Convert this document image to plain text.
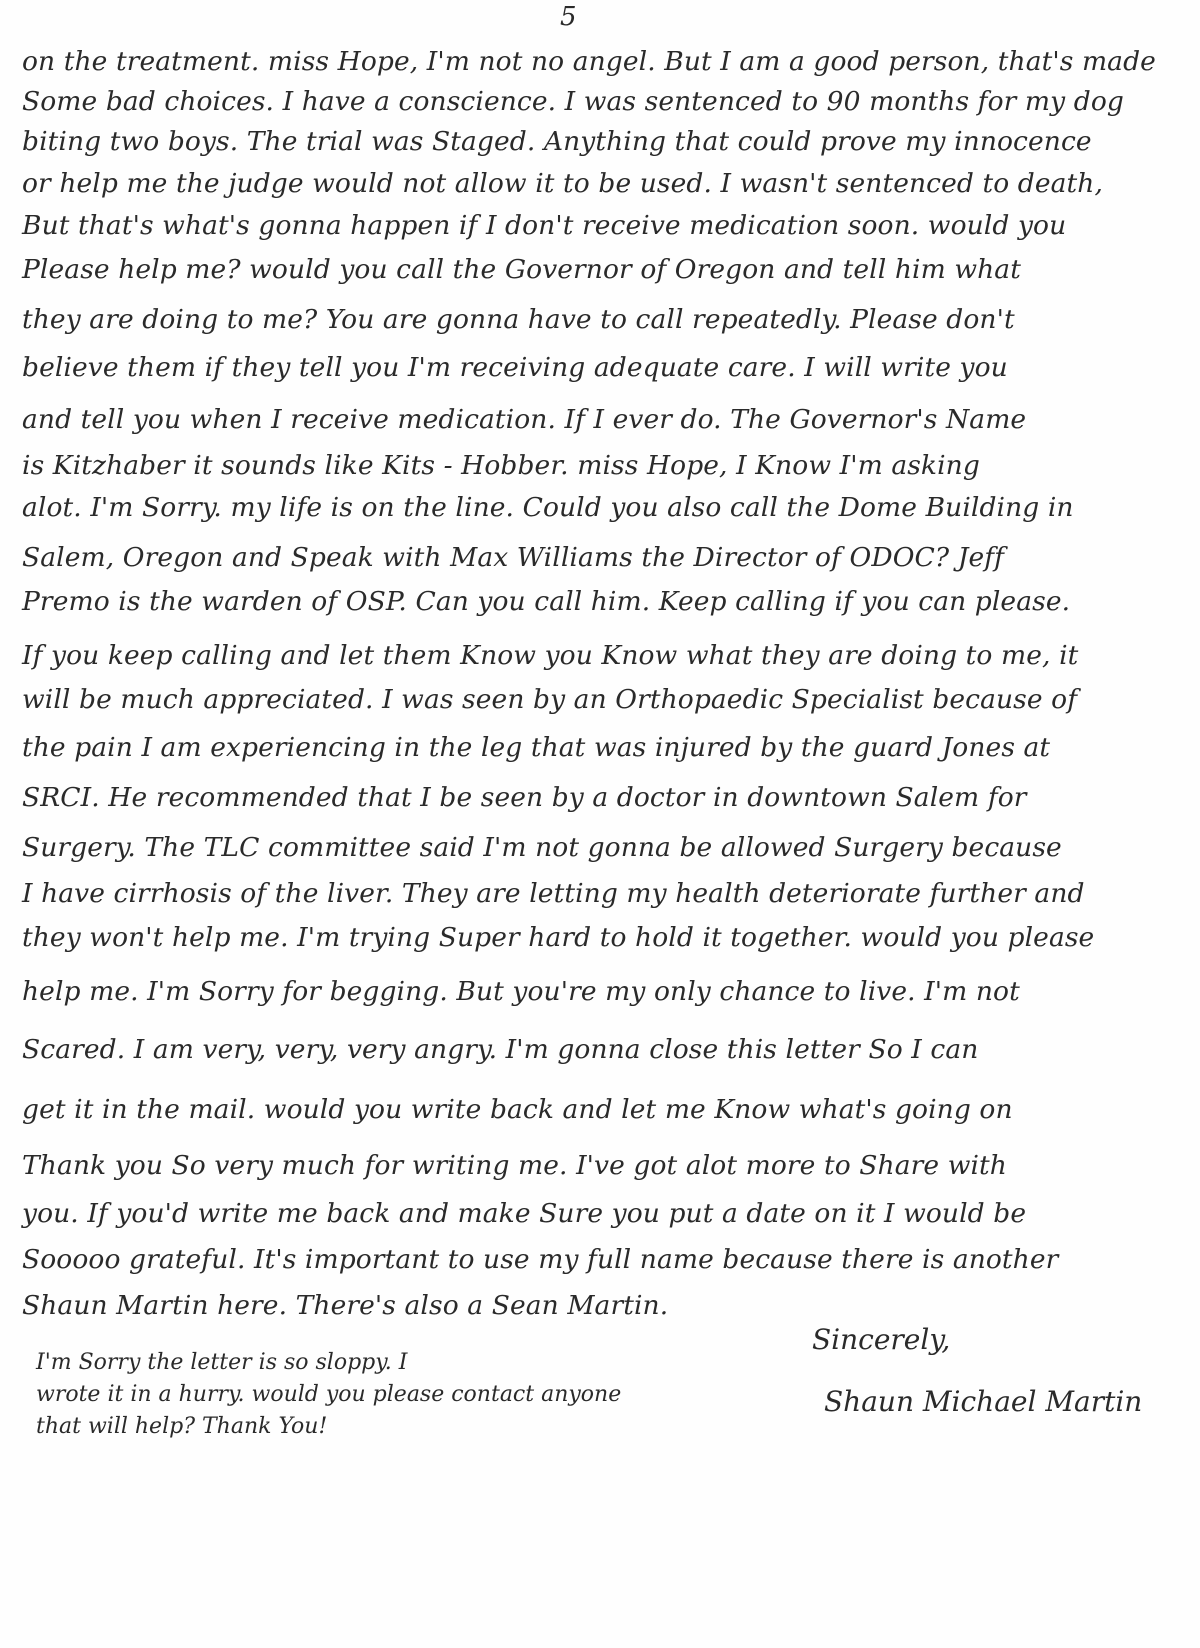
5
on the treatment. miss Hope, I'm not no angel. But I am a good person, that's made
Some bad choices. I have a conscience. I was sentenced to 90 months for my dog
biting two boys. The trial was Staged. Anything that could prove my innocence
or help me the judge would not allow it to be used. I wasn't sentenced to death,
But that's what's gonna happen if I don't receive medication soon. would you
Please help me? would you call the Governor of Oregon and tell him what
they are doing to me? You are gonna have to call repeatedly. Please don't
believe them if they tell you I'm receiving adequate care. I will write you
and tell you when I receive medication. If I ever do. The Governor's Name
is Kitzhaber it sounds like Kits - Hobber. miss Hope, I Know I'm asking
alot. I'm Sorry. my life is on the line. Could you also call the Dome Building in
Salem, Oregon and Speak with Max Williams the Director of ODOC? Jeff
Premo is the warden of OSP. Can you call him. Keep calling if you can please.
If you keep calling and let them Know you Know what they are doing to me, it
will be much appreciated. I was seen by an Orthopaedic Specialist because of
the pain I am experiencing in the leg that was injured by the guard Jones at
SRCI. He recommended that I be seen by a doctor in downtown Salem for
Surgery. The TLC committee said I'm not gonna be allowed Surgery because
I have cirrhosis of the liver. They are letting my health deteriorate further and
they won't help me. I'm trying Super hard to hold it together. would you please
help me. I'm Sorry for begging. But you're my only chance to live. I'm not
Scared. I am very, very, very angry. I'm gonna close this letter So I can
get it in the mail. would you write back and let me Know what's going on
Thank you So very much for writing me. I've got alot more to Share with
you. If you'd write me back and make Sure you put a date on it I would be
Sooooo grateful. It's important to use my full name because there is another
Shaun Martin here. There's also a Sean Martin.
Sincerely,
Shaun Michael Martin
I'm Sorry the letter is so sloppy. I
wrote it in a hurry. would you please contact anyone
that will help? Thank You!
